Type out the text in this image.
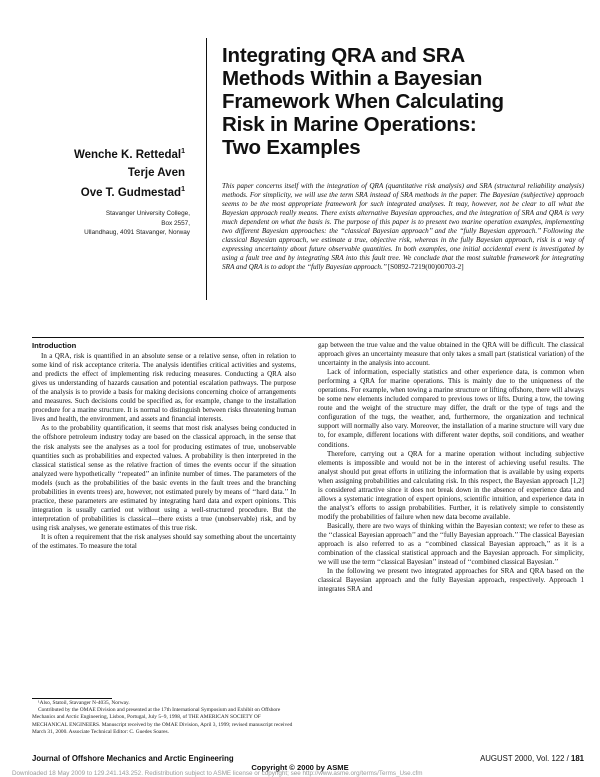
Integrating QRA and SRA
Methods Within a Bayesian
Framework When Calculating
Risk in Marine Operations:
Two Examples
Wenche K. Rettedal$^1$
Terje Aven
Ove T. Gudmestad$^1$
Stavanger University College,
Box 2557,
Ullandhaug, 4091 Stavanger, Norway
This paper concerns itself with the integration of QRA (quantitative risk analysis) and SRA (structural reliability analysis) methods. For simplicity, we will use the term SRA instead of SRA methods in the paper. The Bayesian (subjective) approach seems to be the most appropriate framework for such integrated analyses. It may, however, not be clear to all what the Bayesian approach really means. There exists alternative Bayesian approaches, and the integration of SRA and QRA is very much dependent on what the basis is. The purpose of this paper is to present two marine operation examples, implementing two different Bayesian approaches: the ‘‘classical Bayesian approach’’ and the ‘‘fully Bayesian approach.’’ Following the classical Bayesian approach, we estimate a true, objective risk, whereas in the fully Bayesian approach, risk is a way of expressing uncertainty about future observable quantities. In both examples, one initial accidental event is investigated by using a fault tree and by integrating SRA into this fault tree. We conclude that the most suitable framework for integrating SRA and QRA is to adopt the ‘‘fully Bayesian approach.’’ [S0892-7219(00)00703-2]
Introduction

In a QRA, risk is quantified in an absolute sense or a relative sense, often in relation to some kind of risk acceptance criteria. The analysis identifies critical activities and systems, and predicts the effect of implementing risk reducing measures. Conducting a QRA also gives us understanding of hazards causation and potential escalation pathways. The purpose of the analysis is to provide a basis for making decisions concerning choice of arrangements and measures. Such decisions could be specified as, for example, change to the installation procedure for a marine structure. It is normal to distinguish between risks threatening human lives and health, the environment, and assets and financial interests.

As to the probability quantification, it seems that most risk analyses being conducted in the offshore petroleum industry today are based on the classical approach, in the sense that the risk analysts see the analyses as a tool for producing estimates of true, unobservable quantities such as probabilities and expected values. A probability is then interpreted in the classical statistical sense as the relative fraction of times the events occur if the situation analyzed were hypothetically ‘‘repeated’’ an infinite number of times. The parameters of the models (such as the probabilities of the basic events in the fault trees and the branching probabilities in events trees) are, however, not estimated purely by means of ‘‘hard data.’’ In practice, these parameters are estimated by integrating hard data and expert opinions. This integration is usually carried out without using a well-structured procedure. But the interpretation of probabilities is classical—there exists a true (unobservable) risk, and by using risk analyses, we generate estimates of this true risk.

It is often a requirement that the risk analyses should say something about the uncertainty of the estimates. To measure the total

gap between the true value and the value obtained in the QRA will be difficult. The classical approach gives an uncertainty measure that only takes a small part (statistical variation) of the uncertainty in the analysis into account.

Lack of information, especially statistics and other experience data, is common when performing a QRA for marine operations. This is mainly due to the uniqueness of the operations. For example, when towing a marine structure or lifting offshore, there will always be some new elements included compared to previous tows or lifts. During a tow, the towing route and the weight of the structure may differ, the draft or the type of tugs and the configuration of the tugs, the weather, and, furthermore, the organization and technical support will normally also vary. Moreover, the installation of a marine structure will vary due to, for example, different locations with different water depths, soil conditions, and weather conditions.

Therefore, carrying out a QRA for a marine operation without including subjective elements is impossible and would not be in the interest of achieving useful results. The analyst should put great efforts in utilizing the information that is available by using experts when assigning probabilities and calculating risk. In this respect, the Bayesian approach [1,2] is considered attractive since it does not break down in the absence of experience data and allows a systematic integration of expert opinions, scientific intuition, and experience data in the analyst’s efforts to assign probabilities. Further, it is relatively simple to consistently modify the probabilities of failure when new data become available.

Basically, there are two ways of thinking within the Bayesian context; we refer to these as the ‘‘classical Bayesian approach’’ and the ‘‘fully Bayesian approach.’’ The classical Bayesian approach is also referred to as a ‘‘combined classical Bayesian approach,’’ as it is a combination of the classical statistical approach and the Bayesian approach. For simplicity, we will use the term ‘‘classical Bayesian’’ instead of ‘‘combined classical Bayesian.’’

In the following we present two integrated approaches for SRA and QRA based on the classical Bayesian approach and the fully Bayesian approach, respectively. Approach 1 integrates SRA and

¹Also, Statoil, Stavanger N-4035, Norway.

Contributed by the OMAE Division and presented at the 17th International Symposium and Exhibit on Offshore Mechanics and Arctic Engineering, Lisbon, Portugal, July 5–9, 1998, of THE AMERICAN SOCIETY OF MECHANICAL ENGINEERS. Manuscript received by the OMAE Division, April 3, 1999; revised manuscript received March 31, 2000. Associate Technical Editor: C. Guedes Soares.

Journal of Offshore Mechanics and Arctic Engineering	AUGUST 2000, Vol. 122 / 181
Copyright © 2000 by ASME
Downloaded 18 May 2009 to 129.241.143.252. Redistribution subject to ASME license or copyright; see http://www.asme.org/terms/Terms_Use.cfm
